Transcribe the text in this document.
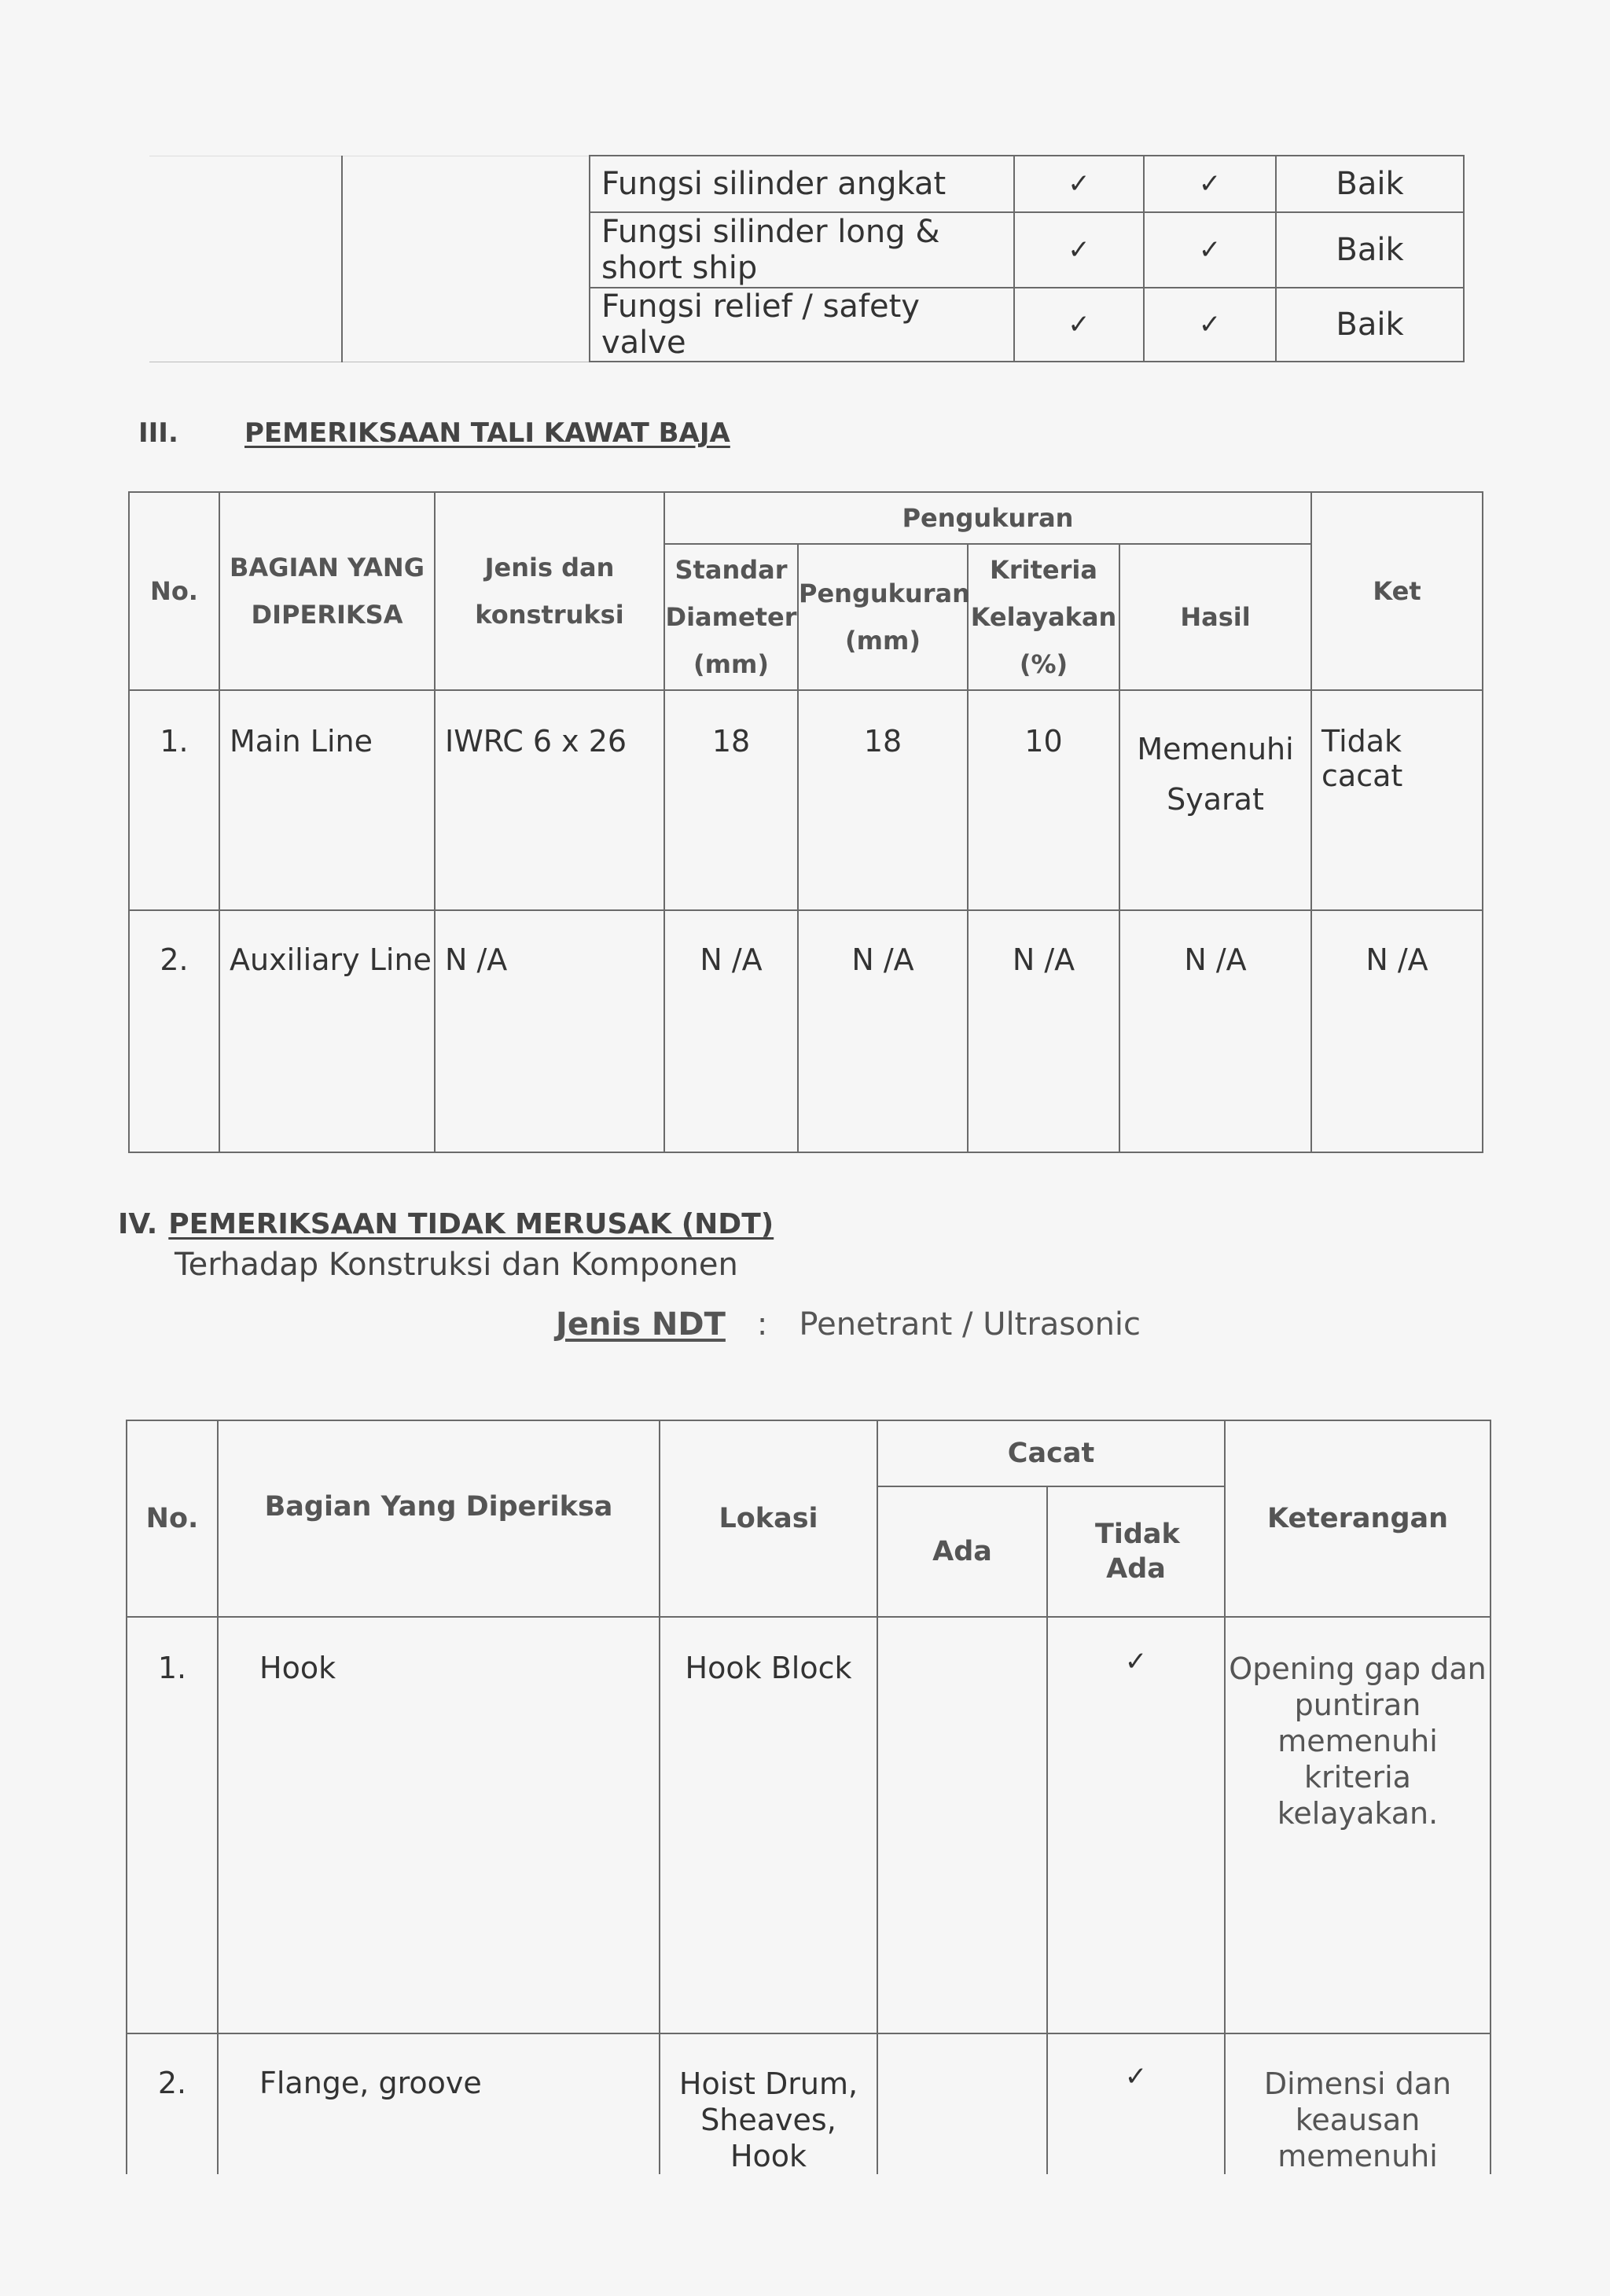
		Fungsi silinder angkat	✓	✓	Baik
		Fungsi silinder long & short ship	✓	✓	Baik
		Fungsi relief / safety valve	✓	✓	Baik
III. PEMERIKSAAN TALI KAWAT BAJA
No.	BAGIAN YANG DIPERIKSA	Jenis dan konstruksi	Pengukuran				Ket
			Standar Diameter (mm)	Pengukuran (mm)	Kriteria Kelayakan (%)	Hasil	
1.	Main Line	IWRC 6 x 26	18	18	10	Memenuhi Syarat	Tidak cacat
2.	Auxiliary Line	N /A	N /A	N /A	N /A	N /A	N /A
IV. PEMERIKSAAN TIDAK MERUSAK (NDT)
Terhadap Konstruksi dan Komponen
Jenis NDT : Penetrant / Ultrasonic
No.	Bagian Yang Diperiksa	Lokasi	Cacat		Keterangan
			Ada	Tidak Ada	
1.	Hook	Hook Block		✓	Opening gap dan puntiran memenuhi kriteria kelayakan.
2.	Flange, groove	Hoist Drum, Sheaves, Hook		✓	Dimensi dan keausan memenuhi
